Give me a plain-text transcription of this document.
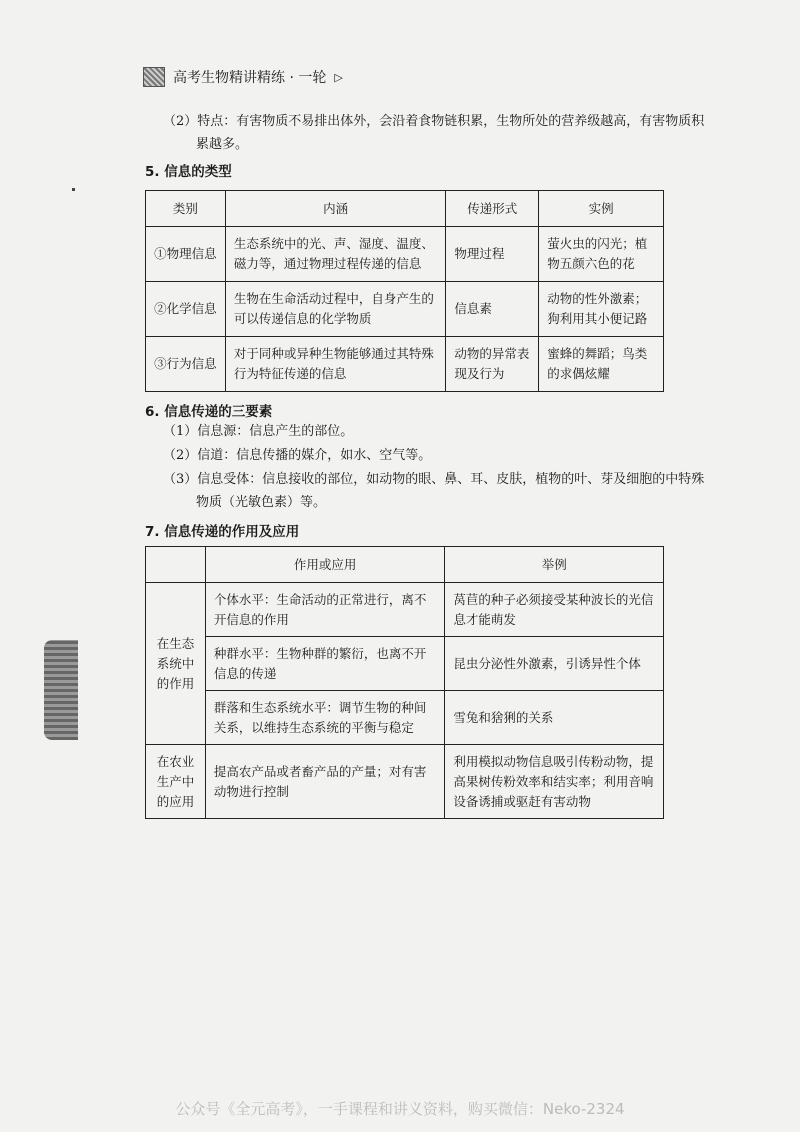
高考生物精讲精练 · 一轮 ▷
（2）特点：有害物质不易排出体外，会沿着食物链积累，生物所处的营养级越高，有害物质积累越多。
5. 信息的类型
类别	内涵	传递形式	实例
①物理信息	生态系统中的光、声、湿度、温度、磁力等，通过物理过程传递的信息	物理过程	萤火虫的闪光；植物五颜六色的花
②化学信息	生物在生命活动过程中，自身产生的可以传递信息的化学物质	信息素	动物的性外激素；狗利用其小便记路
③行为信息	对于同种或异种生物能够通过其特殊行为特征传递的信息	动物的异常表现及行为	蜜蜂的舞蹈；鸟类的求偶炫耀
6. 信息传递的三要素
（1）信息源：信息产生的部位。
（2）信道：信息传播的媒介，如水、空气等。
（3）信息受体：信息接收的部位，如动物的眼、鼻、耳、皮肤，植物的叶、芽及细胞的中特殊物质（光敏色素）等。
7. 信息传递的作用及应用
	作用或应用	举例
在生态系统中的作用	个体水平：生命活动的正常进行，离不开信息的作用	莴苣的种子必须接受某种波长的光信息才能萌发
	种群水平：生物种群的繁衍，也离不开信息的传递	昆虫分泌性外激素，引诱异性个体
	群落和生态系统水平：调节生物的种间关系，以维持生态系统的平衡与稳定	雪兔和猞猁的关系
在农业生产中的应用	提高农产品或者畜产品的产量；对有害动物进行控制	利用模拟动物信息吸引传粉动物，提高果树传粉效率和结实率；利用音响设备诱捕或驱赶有害动物
公众号《全元高考》，一手课程和讲义资料，购买微信：Neko-2324
